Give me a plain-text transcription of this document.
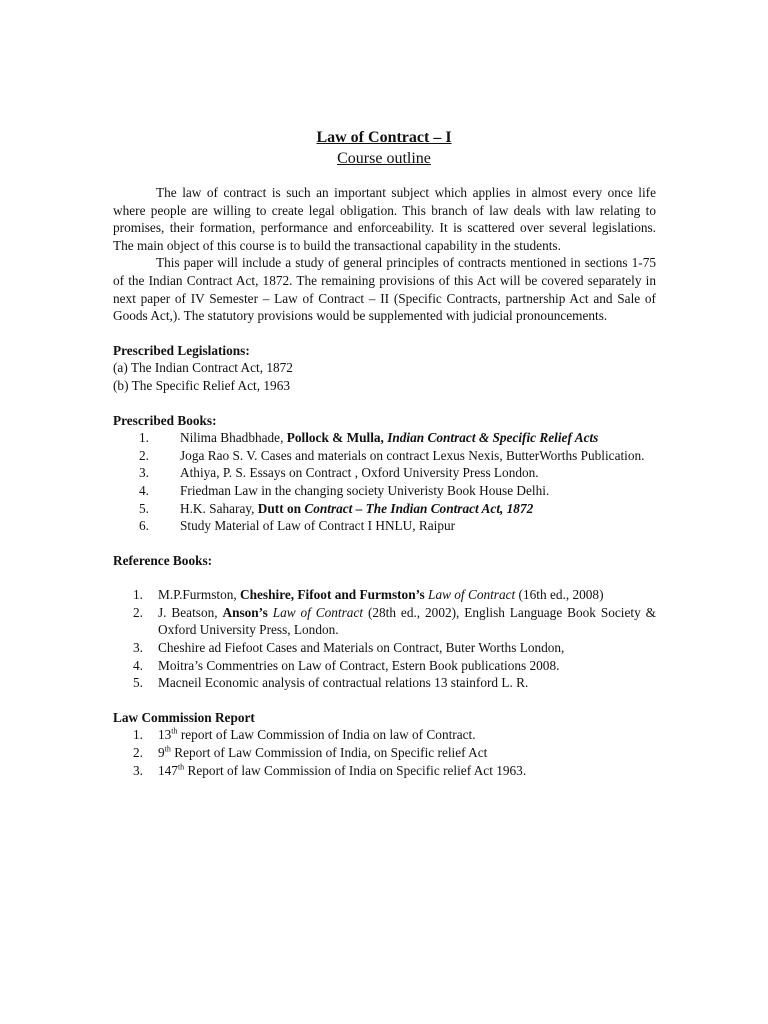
Law of Contract – I
Course outline

The law of contract is such an important subject which applies in almost every once life where people are willing to create legal obligation. This branch of law deals with law relating to promises, their formation, performance and enforceability. It is scattered over several legislations. The main object of this course is to build the transactional capability in the students.

This paper will include a study of general principles of contracts mentioned in sections 1-75 of the Indian Contract Act, 1872. The remaining provisions of this Act will be covered separately in next paper of IV Semester – Law of Contract – II (Specific Contracts, partnership Act and Sale of Goods Act,). The statutory provisions would be supplemented with judicial pronouncements.

Prescribed Legislations:
(a) The Indian Contract Act, 1872
(b) The Specific Relief Act, 1963
Prescribed Books:
1. Nilima Bhadbhade, Pollock & Mulla, Indian Contract & Specific Relief Acts
2. Joga Rao S. V. Cases and materials on contract Lexus Nexis, ButterWorths Publication.
3. Athiya, P. S. Essays on Contract , Oxford University Press London.
4. Friedman Law in the changing society Univeristy Book House Delhi.
5. H.K. Saharay, Dutt on Contract – The Indian Contract Act, 1872
6. Study Material of Law of Contract I HNLU, Raipur
Reference Books:
1. M.P.Furmston, Cheshire, Fifoot and Furmston’s Law of Contract (16th ed., 2008)
2. J. Beatson, Anson’s Law of Contract (28th ed., 2002), English Language Book Society & Oxford University Press, London.
3. Cheshire ad Fiefoot Cases and Materials on Contract, Buter Worths London,
4. Moitra’s Commentries on Law of Contract, Estern Book publications 2008.
5. Macneil Economic analysis of contractual relations 13 stainford L. R.
Law Commission Report
1. 13th report of Law Commission of India on law of Contract.
2. 9th Report of Law Commission of India, on Specific relief Act
3. 147th Report of law Commission of India on Specific relief Act 1963.
